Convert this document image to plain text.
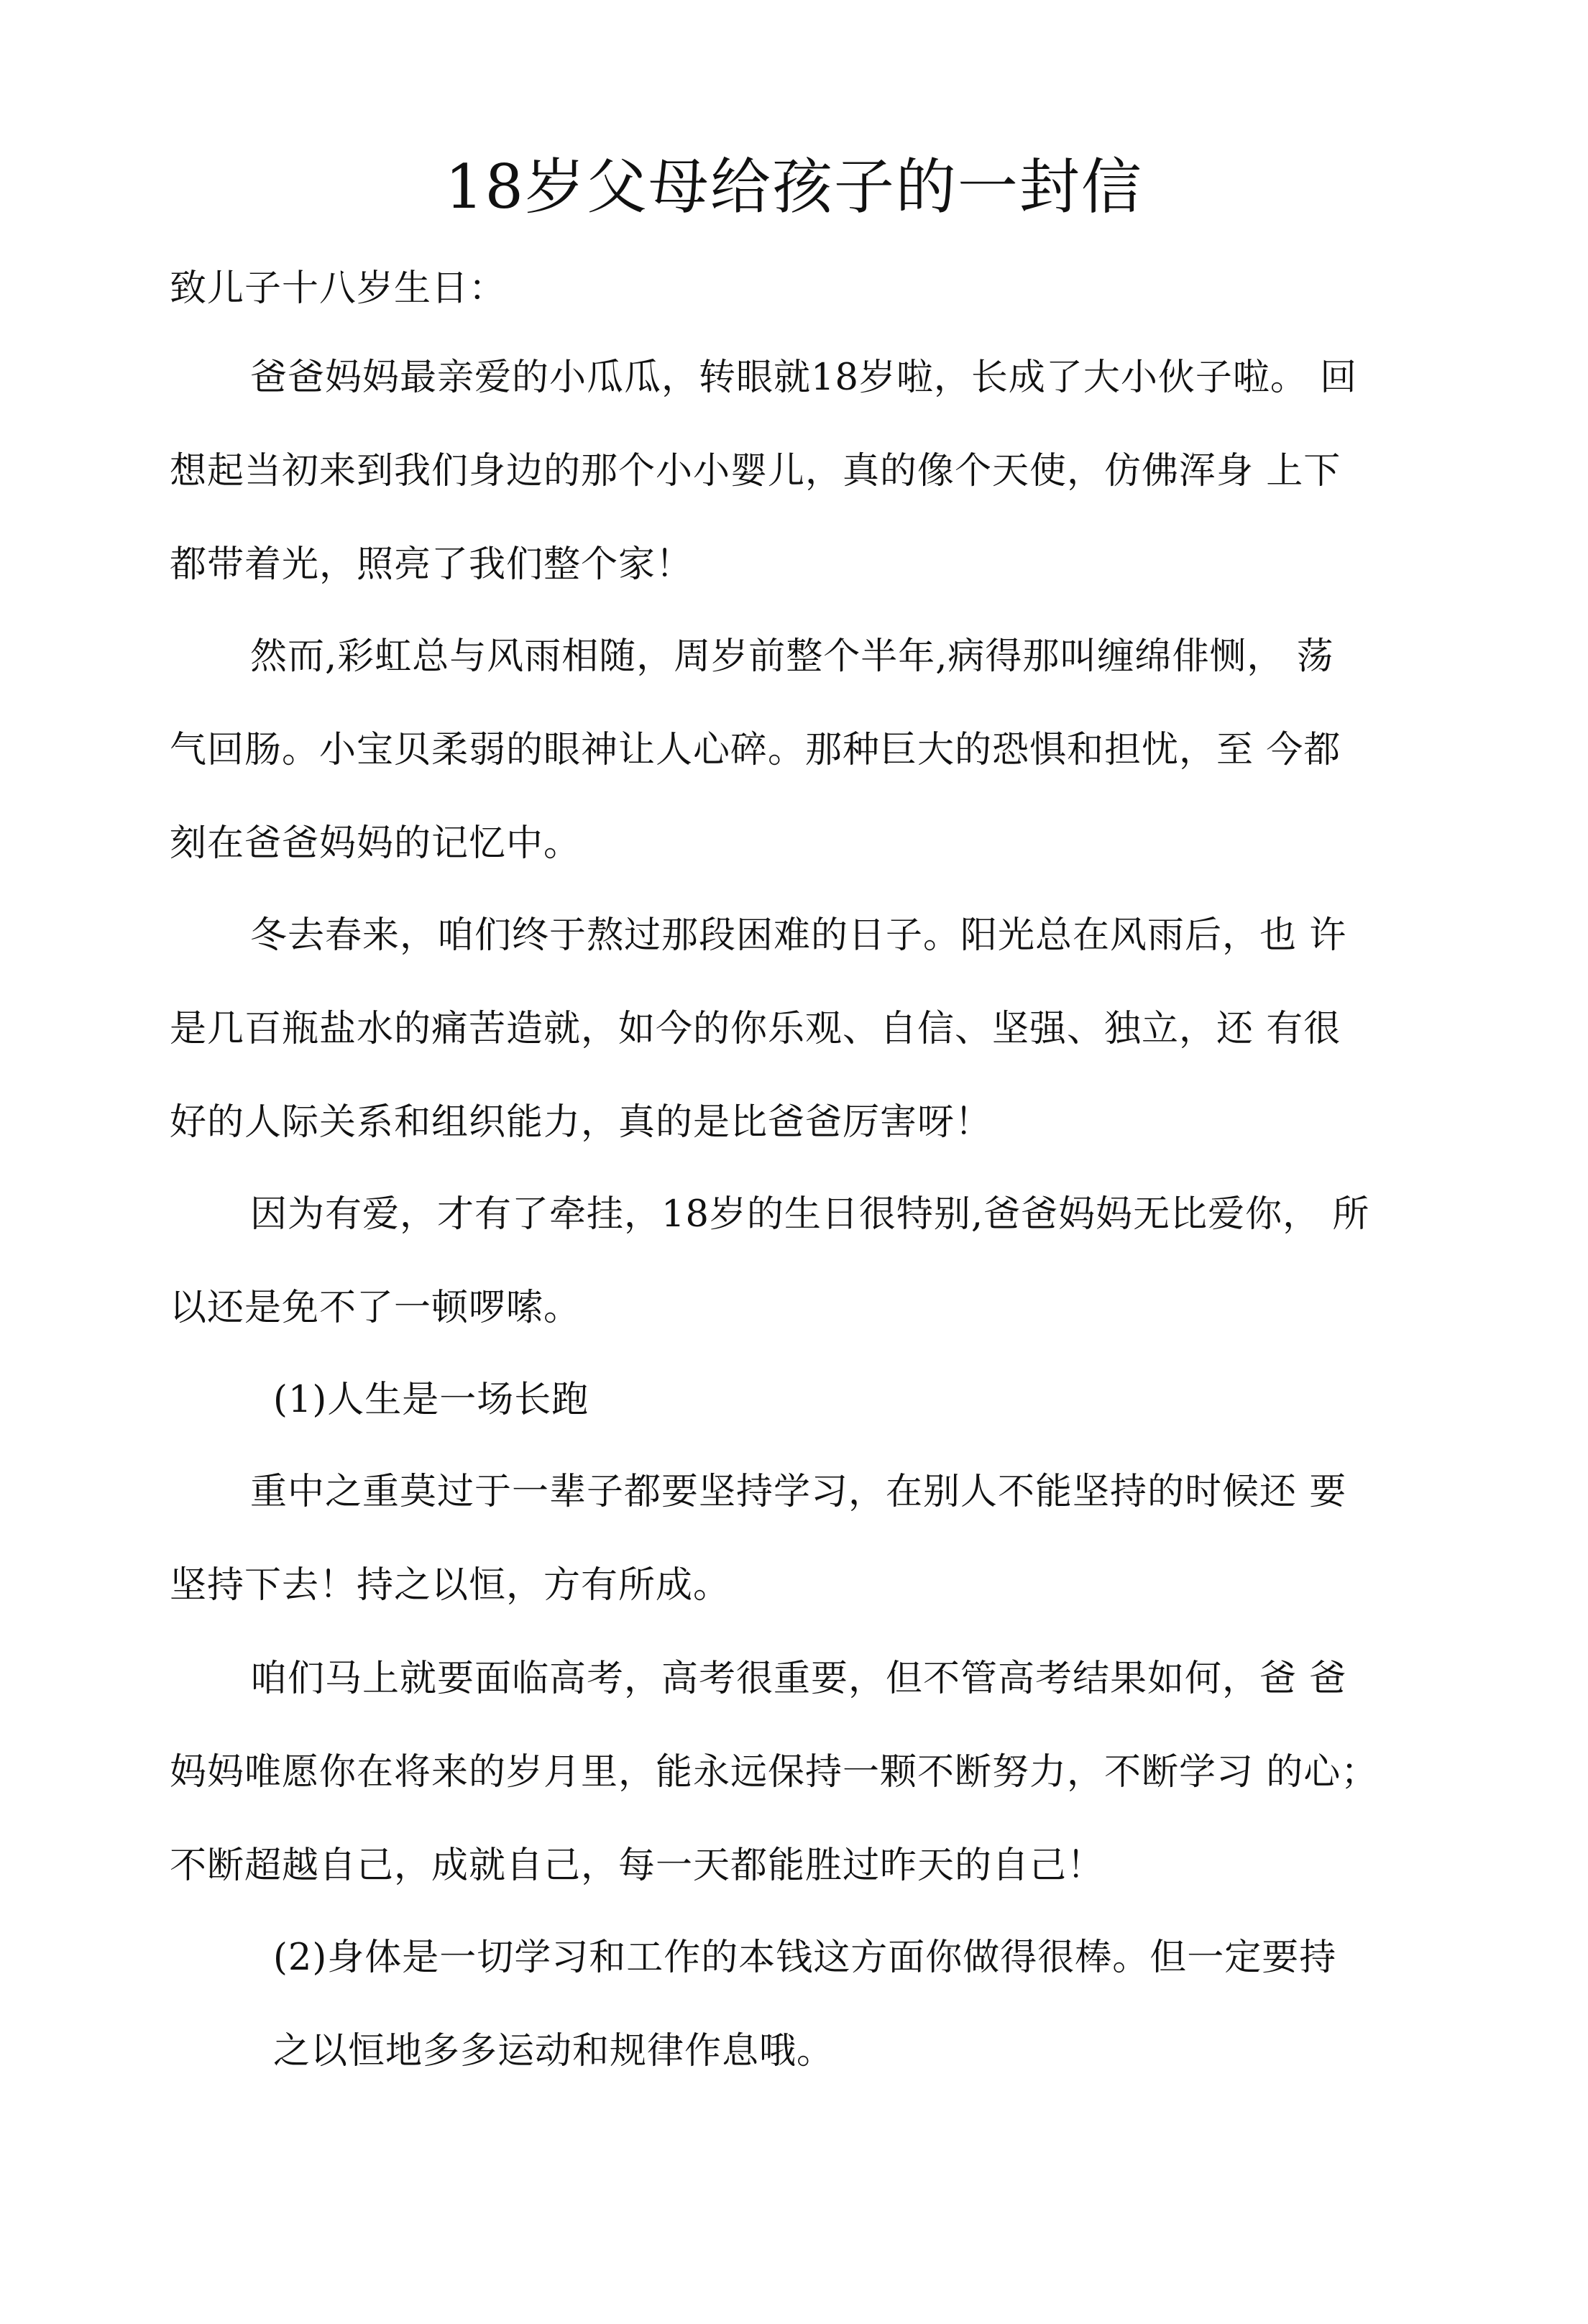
18岁父母给孩子的一封信
致儿子十八岁生日：
爸爸妈妈最亲爱的小瓜瓜，转眼就18岁啦，长成了大小伙子啦。 回
想起当初来到我们身边的那个小小婴儿，真的像个天使，仿佛浑身 上下
都带着光，照亮了我们整个家！
然而,彩虹总与风雨相随，周岁前整个半年,病得那叫缠绵俳恻， 荡
气回肠。小宝贝柔弱的眼神让人心碎。那种巨大的恐惧和担忧，至 今都
刻在爸爸妈妈的记忆中。
冬去春来，咱们终于熬过那段困难的日子。阳光总在风雨后，也 许
是几百瓶盐水的痛苦造就，如今的你乐观、自信、坚强、独立，还 有很
好的人际关系和组织能力，真的是比爸爸厉害呀！
因为有爱，才有了牵挂，18岁的生日很特别,爸爸妈妈无比爱你， 所
以还是免不了一顿啰嗦。
(1)人生是一场长跑
重中之重莫过于一辈子都要坚持学习，在别人不能坚持的时候还 要
坚持下去！持之以恒，方有所成。
咱们马上就要面临高考，高考很重要，但不管高考结果如何，爸 爸
妈妈唯愿你在将来的岁月里，能永远保持一颗不断努力，不断学习 的心；
不断超越自己，成就自己，每一天都能胜过昨天的自己！
(2)身体是一切学习和工作的本钱这方面你做得很棒。但一定要持
之以恒地多多运动和规律作息哦。
